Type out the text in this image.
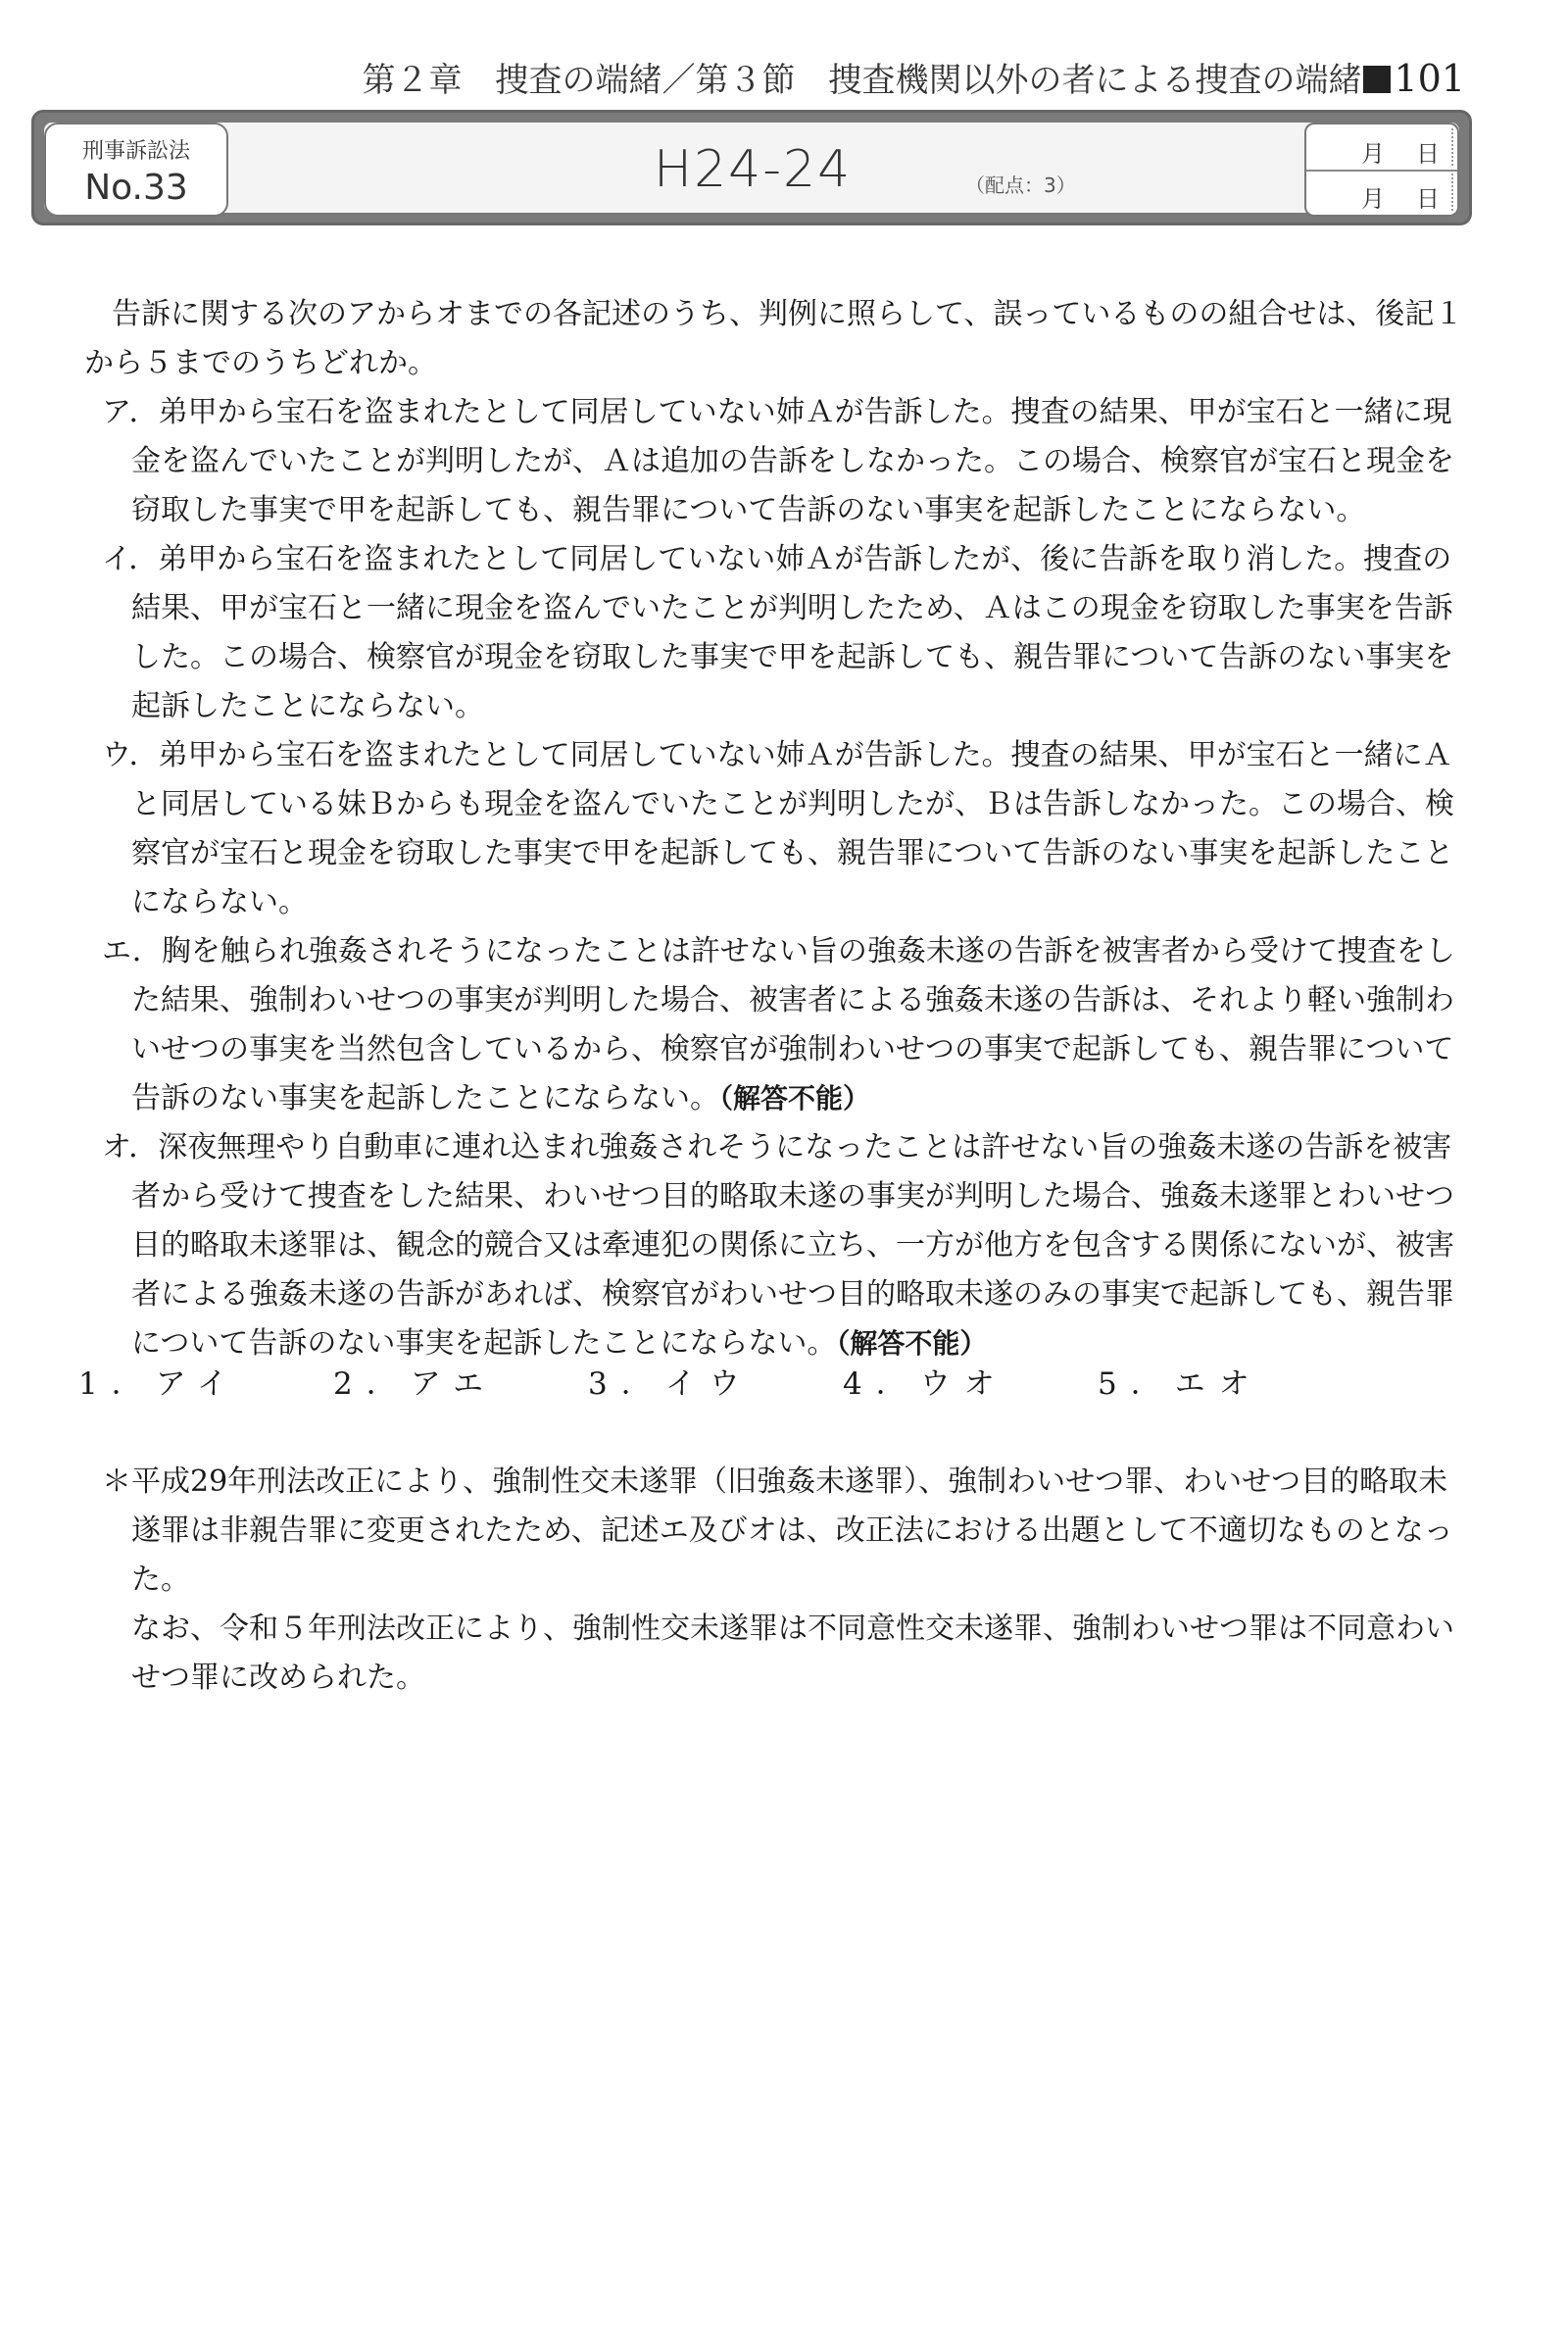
第２章　捜査の端緒／第３節　捜査機関以外の者による捜査の端緒 101
刑事訴訟法
No.33	H24-24	（配点：3）
月 日
月 日
告訴に関する次のアからオまでの各記述のうち、判例に照らして、誤っているものの組合せは、後記１から５までのうちどれか。
ア．弟甲から宝石を盗まれたとして同居していない姉Ａが告訴した。捜査の結果、甲が宝石と一緒に現金を盗んでいたことが判明したが、Ａは追加の告訴をしなかった。この場合、検察官が宝石と現金を窃取した事実で甲を起訴しても、親告罪について告訴のない事実を起訴したことにならない。
イ．弟甲から宝石を盗まれたとして同居していない姉Ａが告訴したが、後に告訴を取り消した。捜査の結果、甲が宝石と一緒に現金を盗んでいたことが判明したため、Ａはこの現金を窃取した事実を告訴した。この場合、検察官が現金を窃取した事実で甲を起訴しても、親告罪について告訴のない事実を起訴したことにならない。
ウ．弟甲から宝石を盗まれたとして同居していない姉Ａが告訴した。捜査の結果、甲が宝石と一緒にＡと同居している妹Ｂからも現金を盗んでいたことが判明したが、Ｂは告訴しなかった。この場合、検察官が宝石と現金を窃取した事実で甲を起訴しても、親告罪について告訴のない事実を起訴したことにならない。
エ．胸を触られ強姦されそうになったことは許せない旨の強姦未遂の告訴を被害者から受けて捜査をした結果、強制わいせつの事実が判明した場合、被害者による強姦未遂の告訴は、それより軽い強制わいせつの事実を当然包含しているから、検察官が強制わいせつの事実で起訴しても、親告罪について告訴のない事実を起訴したことにならない。（解答不能）
オ．深夜無理やり自動車に連れ込まれ強姦されそうになったことは許せない旨の強姦未遂の告訴を被害者から受けて捜査をした結果、わいせつ目的略取未遂の事実が判明した場合、強姦未遂罪とわいせつ目的略取未遂罪は、観念的競合又は牽連犯の関係に立ち、一方が他方を包含する関係にないが、被害者による強姦未遂の告訴があれば、検察官がわいせつ目的略取未遂のみの事実で起訴しても、親告罪について告訴のない事実を起訴したことにならない。（解答不能）
1．アイ	2．アエ	3．イウ	4．ウオ	5．エオ
＊平成29年刑法改正により、強制性交未遂罪（旧強姦未遂罪）、強制わいせつ罪、わいせつ目的略取未遂罪は非親告罪に変更されたため、記述エ及びオは、改正法における出題として不適切なものとなった。
なお、令和５年刑法改正により、強制性交未遂罪は不同意性交未遂罪、強制わいせつ罪は不同意わいせつ罪に改められた。
